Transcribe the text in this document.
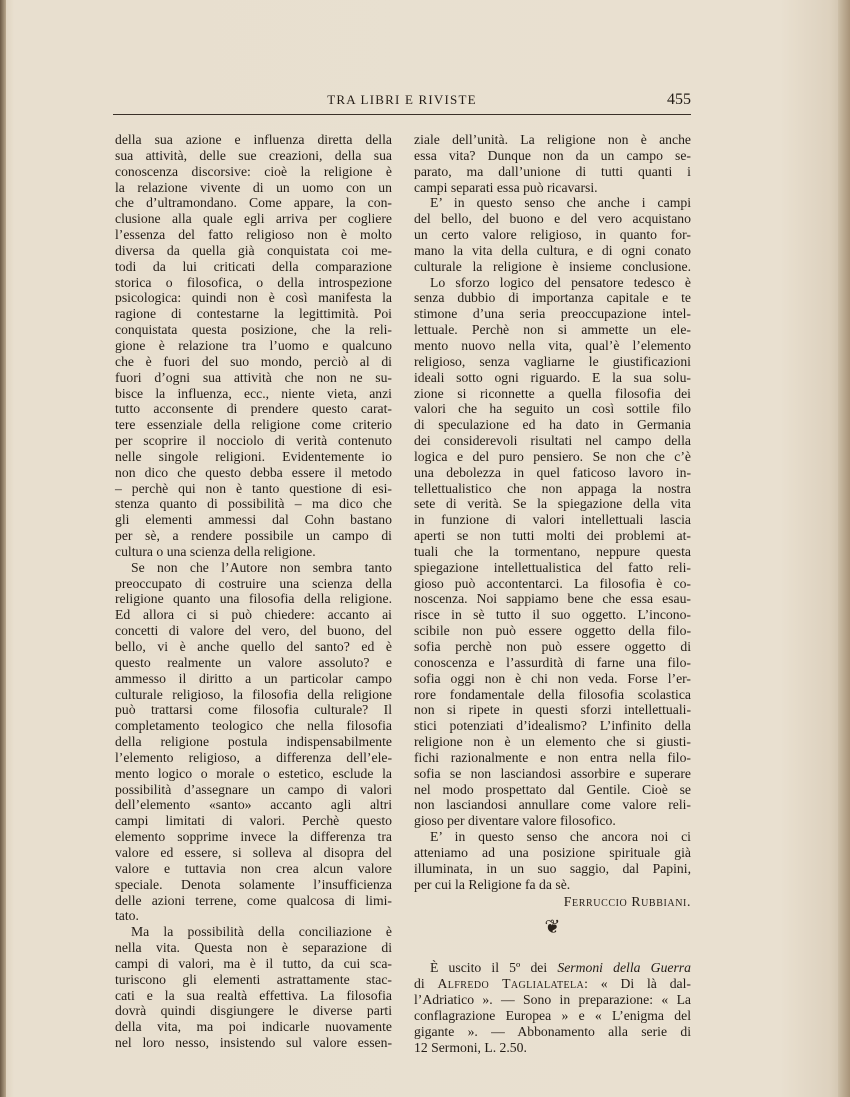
TRA LIBRI E RIVISTE	455
della sua azione e influenza diretta della
sua attività, delle sue creazioni, della sua
conoscenza discorsive: cioè la religione è
la relazione vivente di un uomo con un
che d’ultramondano. Come appare, la con-
clusione alla quale egli arriva per cogliere
l’essenza del fatto religioso non è molto
diversa da quella già conquistata coi me-
todi da lui criticati della comparazione
storica o filosofica, o della introspezione
psicologica: quindi non è così manifesta la
ragione di contestarne la legittimità. Poi
conquistata questa posizione, che la reli-
gione è relazione tra l’uomo e qualcuno
che è fuori del suo mondo, perciò al di
fuori d’ogni sua attività che non ne su-
bisce la influenza, ecc., niente vieta, anzi
tutto acconsente di prendere questo carat-
tere essenziale della religione come criterio
per scoprire il nocciolo di verità contenuto
nelle singole religioni. Evidentemente io
non dico che questo debba essere il metodo
– perchè qui non è tanto questione di esi-
stenza quanto di possibilità – ma dico che
gli elementi ammessi dal Cohn bastano
per sè, a rendere possibile un campo di
cultura o una scienza della religione.
Se non che l’Autore non sembra tanto
preoccupato di costruire una scienza della
religione quanto una filosofia della religione.
Ed allora ci si può chiedere: accanto ai
concetti di valore del vero, del buono, del
bello, vi è anche quello del santo? ed è
questo realmente un valore assoluto? e
ammesso il diritto a un particolar campo
culturale religioso, la filosofia della religione
può trattarsi come filosofia culturale? Il
completamento teologico che nella filosofia
della religione postula indispensabilmente
l’elemento religioso, a differenza dell’ele-
mento logico o morale o estetico, esclude la
possibilità d’assegnare un campo di valori
dell’elemento «santo» accanto agli altri
campi limitati di valori. Perchè questo
elemento sopprime invece la differenza tra
valore ed essere, si solleva al disopra del
valore e tuttavia non crea alcun valore
speciale. Denota solamente l’insufficienza
delle azioni terrene, come qualcosa di limi-
tato.
Ma la possibilità della conciliazione è
nella vita. Questa non è separazione di
campi di valori, ma è il tutto, da cui sca-
turiscono gli elementi astrattamente stac-
cati e la sua realtà effettiva. La filosofia
dovrà quindi disgiungere le diverse parti
della vita, ma poi indicarle nuovamente
nel loro nesso, insistendo sul valore essen-
ziale dell’unità. La religione non è anche
essa vita? Dunque non da un campo se-
parato, ma dall’unione di tutti quanti i
campi separati essa può ricavarsi.
E’ in questo senso che anche i campi
del bello, del buono e del vero acquistano
un certo valore religioso, in quanto for-
mano la vita della cultura, e di ogni conato
culturale la religione è insieme conclusione.
Lo sforzo logico del pensatore tedesco è
senza dubbio di importanza capitale e te
stimone d’una seria preoccupazione intel-
lettuale. Perchè non si ammette un ele-
mento nuovo nella vita, qual’è l’elemento
religioso, senza vagliarne le giustificazioni
ideali sotto ogni riguardo. E la sua solu-
zione si riconnette a quella filosofia dei
valori che ha seguito un così sottile filo
di speculazione ed ha dato in Germania
dei considerevoli risultati nel campo della
logica e del puro pensiero. Se non che c’è
una debolezza in quel faticoso lavoro in-
tellettualistico che non appaga la nostra
sete di verità. Se la spiegazione della vita
in funzione di valori intellettuali lascia
aperti se non tutti molti dei problemi at-
tuali che la tormentano, neppure questa
spiegazione intellettualistica del fatto reli-
gioso può accontentarci. La filosofia è co-
noscenza. Noi sappiamo bene che essa esau-
risce in sè tutto il suo oggetto. L’incono-
scibile non può essere oggetto della filo-
sofia perchè non può essere oggetto di
conoscenza e l’assurdità di farne una filo-
sofia oggi non è chi non veda. Forse l’er-
rore fondamentale della filosofia scolastica
non si ripete in questi sforzi intellettuali-
stici potenziati d’idealismo? L’infinito della
religione non è un elemento che si giusti-
fichi razionalmente e non entra nella filo-
sofia se non lasciandosi assorbire e superare
nel modo prospettato dal Gentile. Cioè se
non lasciandosi annullare come valore reli-
gioso per diventare valore filosofico.
E’ in questo senso che ancora noi ci
atteniamo ad una posizione spirituale già
illuminata, in un suo saggio, dal Papini,
per cui la Religione fa da sè.
Ferruccio Rubbiani.
❦
È uscito il 5º dei Sermoni della Guerra
di Alfredo Taglialatela: « Di là dal-
l’Adriatico ». — Sono in preparazione: « La
conflagrazione Europea » e « L’enigma del
gigante ». — Abbonamento alla serie di
12 Sermoni, L. 2.50.
